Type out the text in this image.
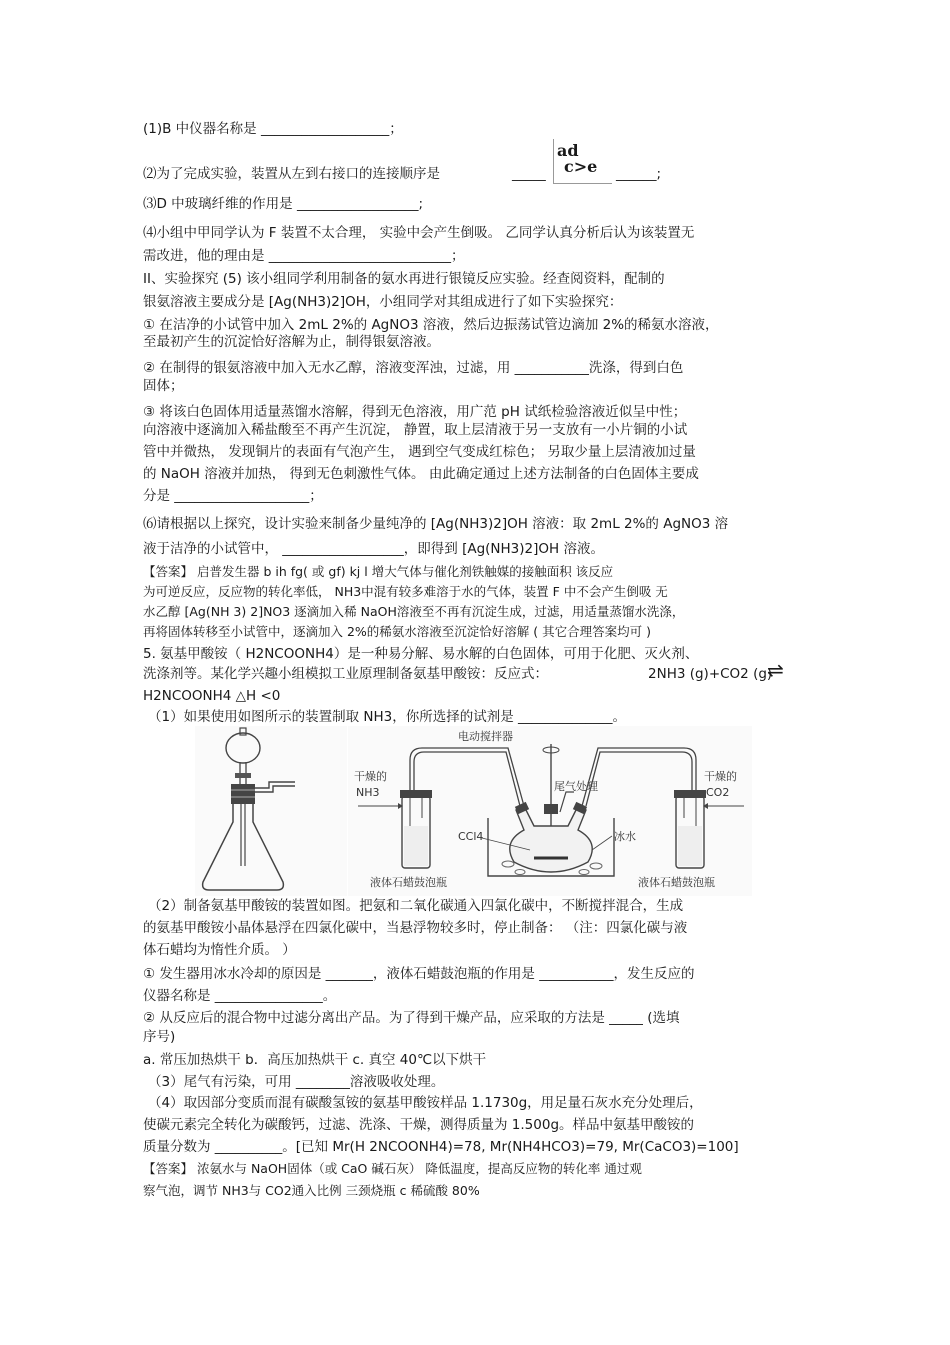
(1)B 中仪器名称是 ___________________；
⑵为了完成实验，装置从左到右接口的连接顺序是	_____
ad
c>e ______;
⑶D 中玻璃纤维的作用是 __________________;
⑷小组中甲同学认为 F 装置不太合理， 实验中会产生倒吸。 乙同学认真分析后认为该装置无
需改进，他的理由是 ___________________________；
II、实验探究 (5) 该小组同学利用制备的氨水再进行银镜反应实验。经查阅资料，配制的
银氨溶液主要成分是 [Ag(NH3)2]OH，小组同学对其组成进行了如下实验探究：
① 在洁净的小试管中加入 2mL 2%的 AgNO3 溶液，然后边振荡试管边滴加 2%的稀氨水溶液，
至最初产生的沉淀恰好溶解为止，制得银氨溶液。
② 在制得的银氨溶液中加入无水乙醇，溶液变浑浊，过滤，用 ___________洗涤，得到白色
固体；
③ 将该白色固体用适量蒸馏水溶解，得到无色溶液，用广范 pH 试纸检验溶液近似呈中性；
向溶液中逐滴加入稀盐酸至不再产生沉淀， 静置，取上层清液于另一支放有一小片铜的小试
管中并微热， 发现铜片的表面有气泡产生， 遇到空气变成红棕色； 另取少量上层清液加过量
的 NaOH 溶液并加热， 得到无色刺激性气体。 由此确定通过上述方法制备的白色固体主要成
分是 ____________________；
⑹请根据以上探究，设计实验来制备少量纯净的 [Ag(NH3)2]OH 溶液：取 2mL 2%的 AgNO3 溶
液于洁净的小试管中， __________________，即得到 [Ag(NH3)2]OH 溶液。
【答案】 启普发生器 b ih fg( 或 gf) kj l 增大气体与催化剂铁触媒的接触面积 该反应
为可逆反应，反应物的转化率低， NH3中混有较多难溶于水的气体，装置 F 中不会产生倒吸 无
水乙醇 [Ag(NH 3) 2]NO3 逐滴加入稀 NaOH溶液至不再有沉淀生成，过滤，用适量蒸馏水洗涤，
再将固体转移至小试管中，逐滴加入 2%的稀氨水溶液至沉淀恰好溶解 ( 其它合理答案均可 )
5. 氨基甲酸铵（ H2NCOONH4）是一种易分解、易水解的白色固体，可用于化肥、灭火剂、
洗涤剂等。某化学兴趣小组模拟工业原理制备氨基甲酸铵：反应式：	2NH3 (g)+CO2 (g)
⇌
H2NCOONH4 △H <0
（1）如果使用如图所示的装置制取 NH3，你所选择的试剂是 ______________。
电动搅拌器
干燥的
NH3	尾气处理
干燥的
CO2
CCl4	冰水
液体石蜡鼓泡瓶	液体石蜡鼓泡瓶
（2）制备氨基甲酸铵的装置如图。把氨和二氧化碳通入四氯化碳中，不断搅拌混合，生成
的氨基甲酸铵小晶体悬浮在四氯化碳中，当悬浮物较多时，停止制备： （注：四氯化碳与液
体石蜡均为惰性介质。 ）
① 发生器用冰水冷却的原因是 _______，液体石蜡鼓泡瓶的作用是 ___________，发生反应的
仪器名称是 ________________。
② 从反应后的混合物中过滤分离出产品。为了得到干燥产品，应采取的方法是 _____ (选填
序号)
a. 常压加热烘干 b．高压加热烘干 c. 真空 40℃以下烘干
（3）尾气有污染，可用 ________溶液吸收处理。
（4）取因部分变质而混有碳酸氢铵的氨基甲酸铵样品 1.1730g，用足量石灰水充分处理后，
使碳元素完全转化为碳酸钙，过滤、洗涤、干燥，测得质量为 1.500g。样品中氨基甲酸铵的
质量分数为 __________。[已知 Mr(H 2NCOONH4)=78, Mr(NH4HCO3)=79, Mr(CaCO3)=100]
【答案】 浓氨水与 NaOH固体（或 CaO 碱石灰） 降低温度，提高反应物的转化率 通过观
察气泡，调节 NH3与 CO2通入比例 三颈烧瓶 c 稀硫酸 80%
